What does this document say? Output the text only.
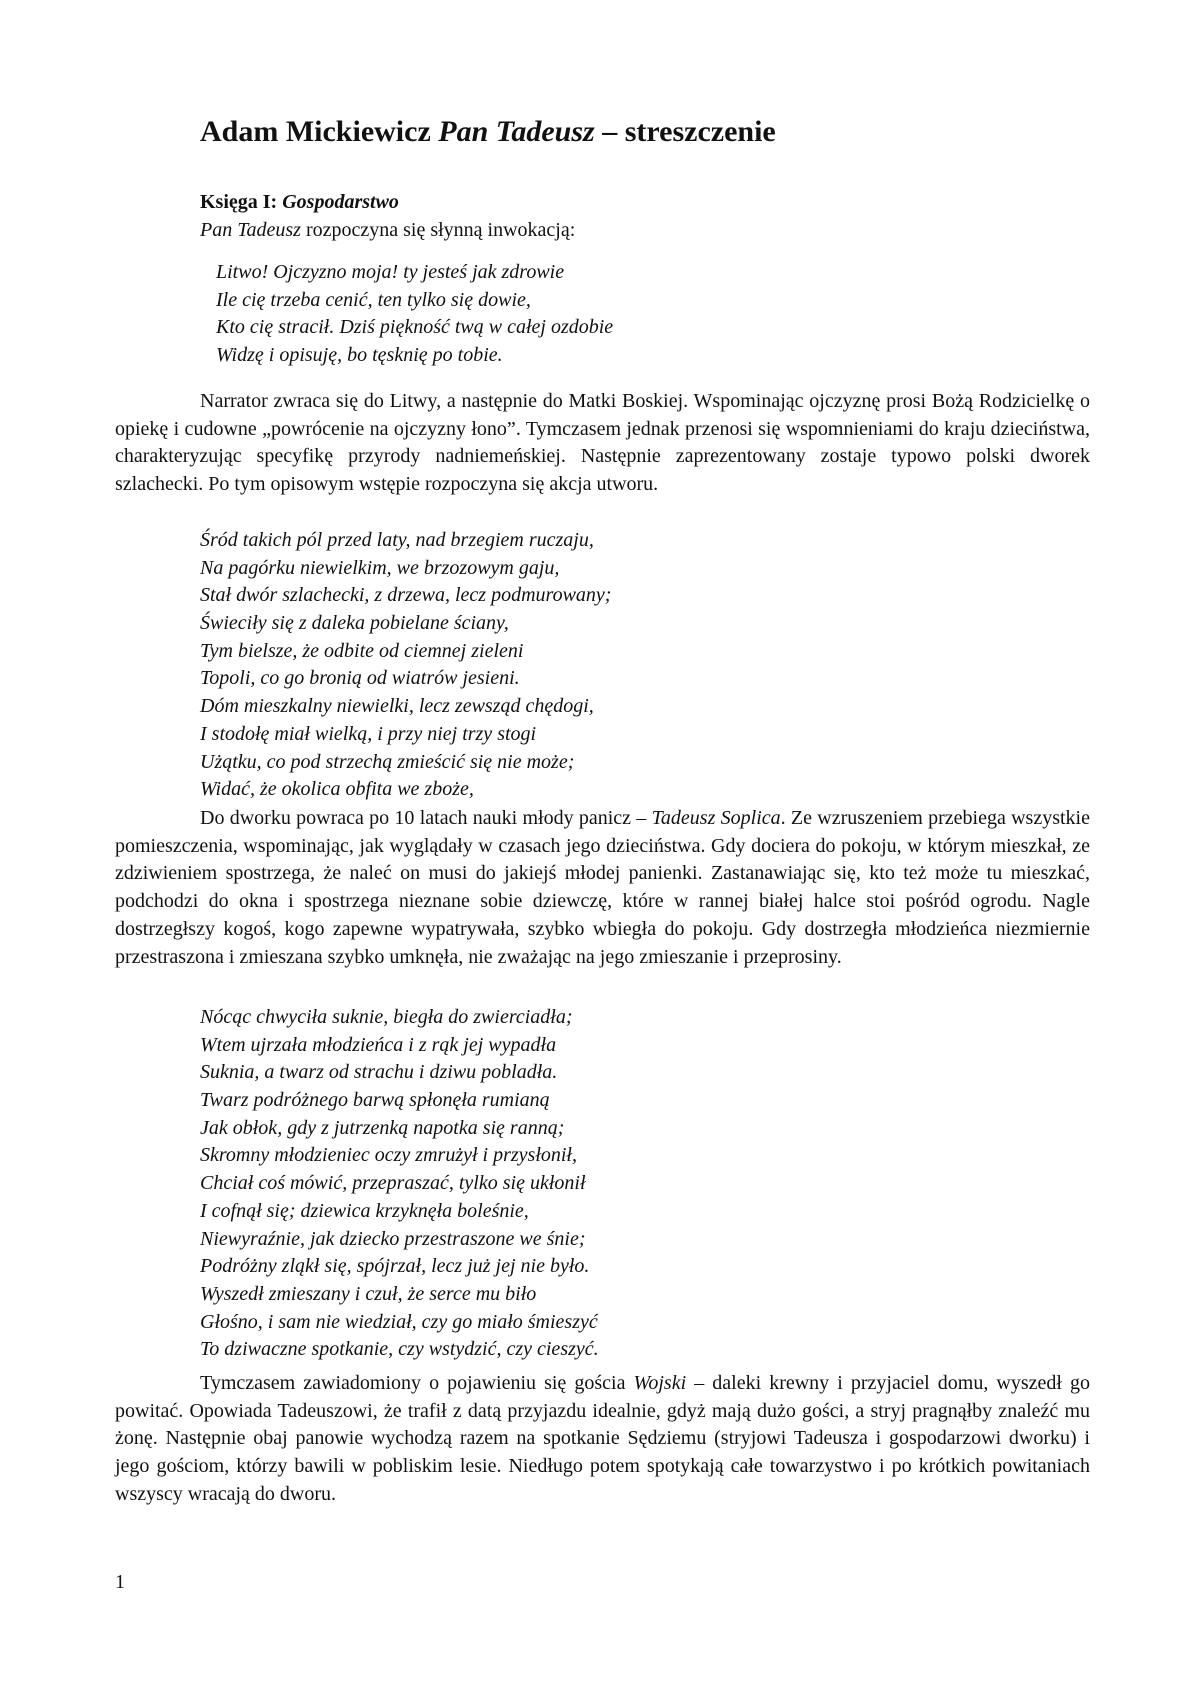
Adam Mickiewicz Pan Tadeusz – streszczenie
Księga I: Gospodarstwo
Pan Tadeusz rozpoczyna się słynną inwokacją:
Litwo! Ojczyzno moja! ty jesteś jak zdrowie
Ile cię trzeba cenić, ten tylko się dowie,
Kto cię stracił. Dziś piękność twą w całej ozdobie
Widzę i opisuję, bo tęsknię po tobie.

Narrator zwraca się do Litwy, a następnie do Matki Boskiej. Wspominając ojczyznę prosi Bożą Rodzicielkę o opiekę i cudowne „powrócenie na ojczyzny łono”. Tymczasem jednak przenosi się wspomnieniami do kraju dzieciństwa, charakteryzując specyfikę przyrody nadniemeńskiej. Następnie zaprezentowany zostaje typowo polski dworek szlachecki. Po tym opisowym wstępie rozpoczyna się akcja utworu.

Śród takich pól przed laty, nad brzegiem ruczaju,
Na pagórku niewielkim, we brzozowym gaju,
Stał dwór szlachecki, z drzewa, lecz podmurowany;
Świeciły się z daleka pobielane ściany,
Tym bielsze, że odbite od ciemnej zieleni
Topoli, co go bronią od wiatrów jesieni.
Dóm mieszkalny niewielki, lecz zewsząd chędogi,
I stodołę miał wielką, i przy niej trzy stogi
Użątku, co pod strzechą zmieścić się nie może;
Widać, że okolica obfita we zboże,

Do dworku powraca po 10 latach nauki młody panicz – Tadeusz Soplica. Ze wzruszeniem przebiega wszystkie pomieszczenia, wspominając, jak wyglądały w czasach jego dzieciństwa. Gdy dociera do pokoju, w którym mieszkał, ze zdziwieniem spostrzega, że naleć on musi do jakiejś młodej panienki. Zastanawiając się, kto też może tu mieszkać, podchodzi do okna i spostrzega nieznane sobie dziewczę, które w rannej białej halce stoi pośród ogrodu. Nagle dostrzegłszy kogoś, kogo zapewne wypatrywała, szybko wbiegła do pokoju. Gdy dostrzegła młodzieńca niezmiernie przestraszona i zmieszana szybko umknęła, nie zważając na jego zmieszanie i przeprosiny.

Nócąc chwyciła suknie, biegła do zwierciadła;
Wtem ujrzała młodzieńca i z rąk jej wypadła
Suknia, a twarz od strachu i dziwu pobladła.
Twarz podróżnego barwą spłonęła rumianą
Jak obłok, gdy z jutrzenką napotka się ranną;
Skromny młodzieniec oczy zmrużył i przysłonił,
Chciał coś mówić, przepraszać, tylko się ukłonił
I cofnął się; dziewica krzyknęła boleśnie,
Niewyraźnie, jak dziecko przestraszone we śnie;
Podróżny zląkł się, spójrzał, lecz już jej nie było.
Wyszedł zmieszany i czuł, że serce mu biło
Głośno, i sam nie wiedział, czy go miało śmieszyć
To dziwaczne spotkanie, czy wstydzić, czy cieszyć.

Tymczasem zawiadomiony o pojawieniu się gościa Wojski – daleki krewny i przyjaciel domu, wyszedł go powitać. Opowiada Tadeuszowi, że trafił z datą przyjazdu idealnie, gdyż mają dużo gości, a stryj pragnąłby znaleźć mu żonę. Następnie obaj panowie wychodzą razem na spotkanie Sędziemu (stryjowi Tadeusza i gospodarzowi dworku) i jego gościom, którzy bawili w pobliskim lesie. Niedługo potem spotykają całe towarzystwo i po krótkich powitaniach wszyscy wracają do dworu.

1
